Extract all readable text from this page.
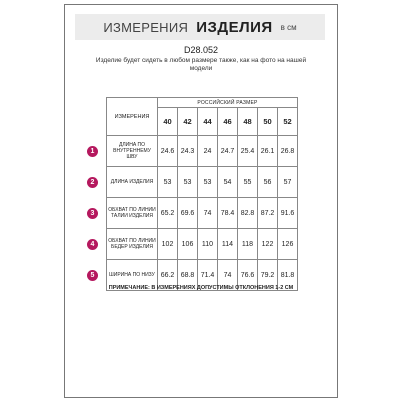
ИЗМЕРЕНИЯ ИЗДЕЛИЯ в см
D28.052
Изделие будет сидеть в любом размере также, как на фото на нашей модели
ИЗМЕРЕНИЯ	РОССИЙСКИЙ РАЗМЕР						
	40	42	44	46	48	50	52
ДЛИНА ПО ВНУТРЕННЕМУ ШВУ	24.6	24.3	24	24.7	25.4	26.1	26.8
ДЛИНА ИЗДЕЛИЯ	53	53	53	54	55	56	57
ОБХВАТ ПО ЛИНИИ ТАЛИИ ИЗДЕЛИЯ	65.2	69.6	74	78.4	82.8	87.2	91.6
ОБХВАТ ПО ЛИНИИ БЕДЕР ИЗДЕЛИЯ	102	106	110	114	118	122	126
ШИРИНА ПО НИЗУ	66.2	68.8	71.4	74	76.6	79.2	81.8
1
2
3
4
5
ПРИМЕЧАНИЕ: В ИЗМЕРЕНИЯХ ДОПУСТИМЫ ОТКЛОНЕНИЯ 1-2 СМ
